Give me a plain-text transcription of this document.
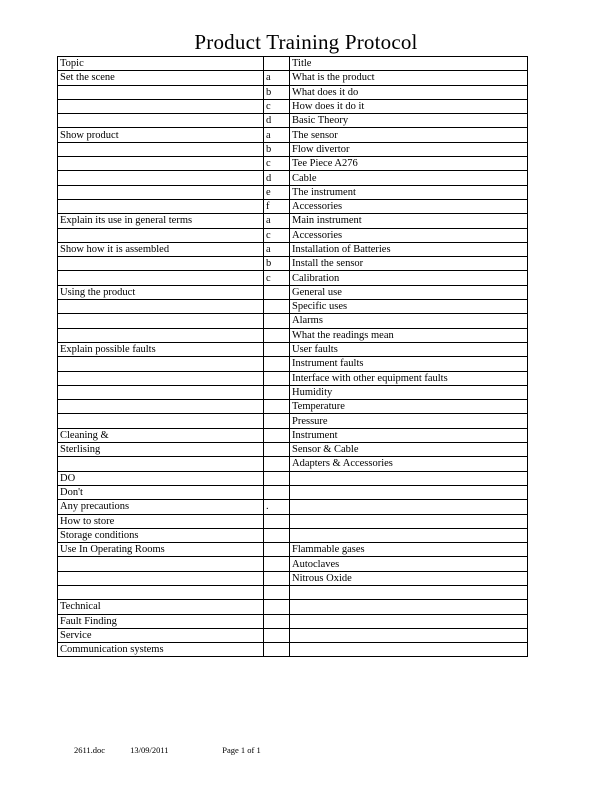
Product Training Protocol
Topic		Title
Set the scene	a	What is the product
	b	What does it do
	c	How does it do it
	d	Basic Theory
Show product	a	The sensor
	b	Flow divertor
	c	Tee Piece A276
	d	Cable
	e	The instrument
	f	Accessories
Explain its use in general terms	a	Main instrument
	c	Accessories
Show how it is assembled	a	Installation of Batteries
	b	Install the sensor
	c	Calibration
Using the product		General use
		Specific uses
		Alarms
		What the readings mean
Explain possible faults		User faults
		Instrument faults
		Interface with other equipment faults
		Humidity
		Temperature
		Pressure
Cleaning &		Instrument
Sterlising		Sensor & Cable
		Adapters & Accessories
DO		
Don't		
Any precautions	.	
How to store		
Storage conditions		
Use In Operating Rooms		Flammable gases
		Autoclaves
		Nitrous Oxide

Technical		
Fault Finding		
Service		
Communication systems		
2611.doc	13/09/2011	Page 1 of 1
